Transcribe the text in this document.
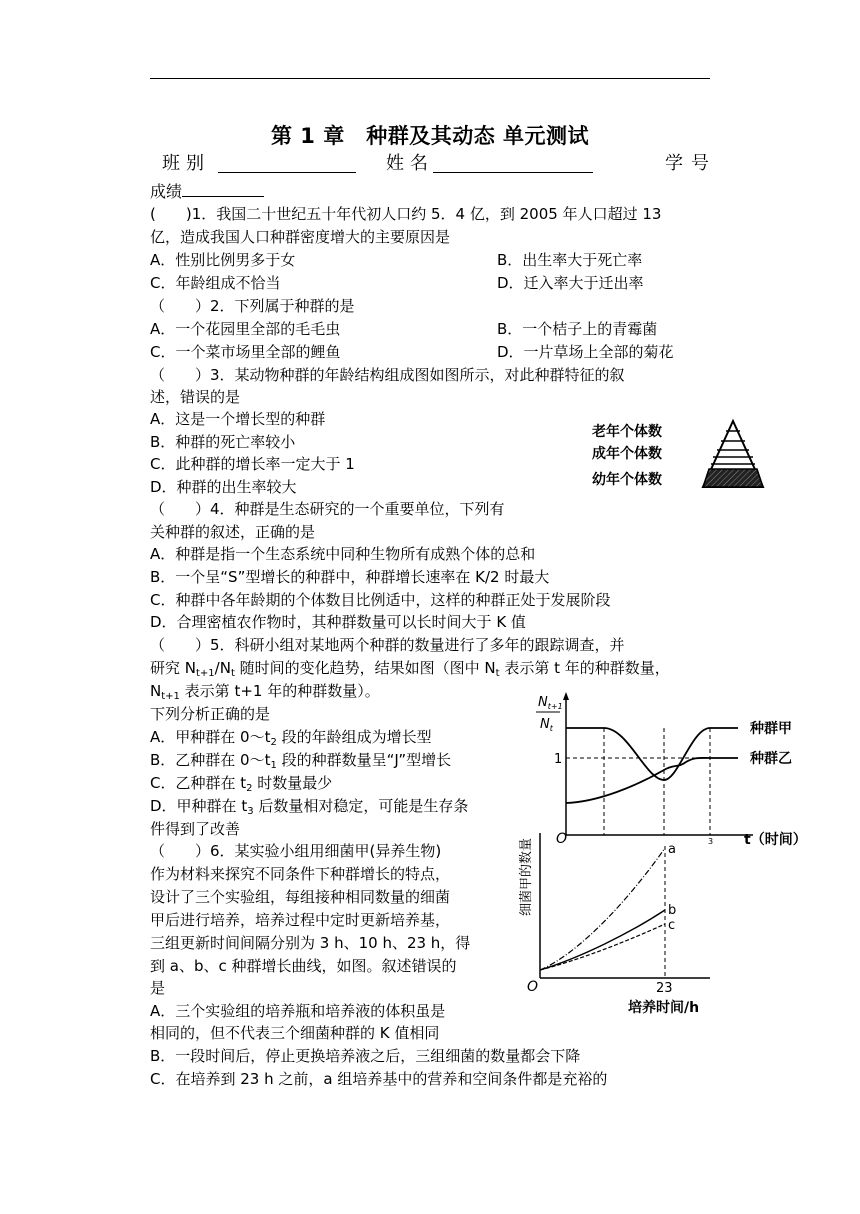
第 1 章　种群及其动态 单元测试
班别	姓名	学号
成绩
(　　)1．我国二十世纪五十年代初人口约 5．4 亿，到 2005 年人口超过 13
亿，造成我国人口种群密度增大的主要原因是
A．性别比例男多于女	B．出生率大于死亡率
C．年龄组成不恰当	D．迁入率大于迁出率
（　　）2．下列属于种群的是
A．一个花园里全部的毛毛虫	B．一个桔子上的青霉菌
C．一个菜市场里全部的鲤鱼	D．一片草场上全部的菊花
（　　）3．某动物种群的年龄结构组成图如图所示，对此种群特征的叙
述，错误的是
A．这是一个增长型的种群
B．种群的死亡率较小
C．此种群的增长率一定大于 1
D．种群的出生率较大
老年个体数
成年个体数
幼年个体数
（　　）4．种群是生态研究的一个重要单位，下列有
关种群的叙述，正确的是
A．种群是指一个生态系统中同种生物所有成熟个体的总和
B．一个呈“S”型增长的种群中，种群增长速率在 K/2 时最大
C．种群中各年龄期的个体数目比例适中，这样的种群正处于发展阶段
D．合理密植农作物时，其种群数量可以长时间大于 K 值
（　　）5．科研小组对某地两个种群的数量进行了多年的跟踪调查，并
研究 $N_{t+1}/N_t$ 随时间的变化趋势，结果如图（图中 $N_t$ 表示第 t 年的种群数量，
$N_{t+1}$ 表示第 t+1 年的种群数量）。
下列分析正确的是
A．甲种群在 $0\sim t_2$ 段的年龄组成为增长型
B．乙种群在 $0\sim t_1$ 段的种群数量呈“J”型增长
C．乙种群在 $t_2$ 时数量最少
D．甲种群在 $t_3$ 后数量相对稳定，可能是生存条
件得到了改善
$N_{t+1}$
$N_t$
O
1
种群甲
种群乙
3 t（时间）
（　　）6．某实验小组用细菌甲(异养生物)
作为材料来探究不同条件下种群增长的特点，
设计了三个实验组，每组接种相同数量的细菌
甲后进行培养，培养过程中定时更新培养基，
三组更新时间间隔分别为 3 h、10 h、23 h，得
到 a、b、c 种群增长曲线，如图。叙述错误的
是
A．三个实验组的培养瓶和培养液的体积虽是
相同的，但不代表三个细菌种群的 K 值相同
B．一段时间后，停止更换培养液之后，三组细菌的数量都会下降
C．在培养到 23 h 之前，a 组培养基中的营养和空间条件都是充裕的
细菌甲的数量
O	23
a
b
c
培养时间/h
